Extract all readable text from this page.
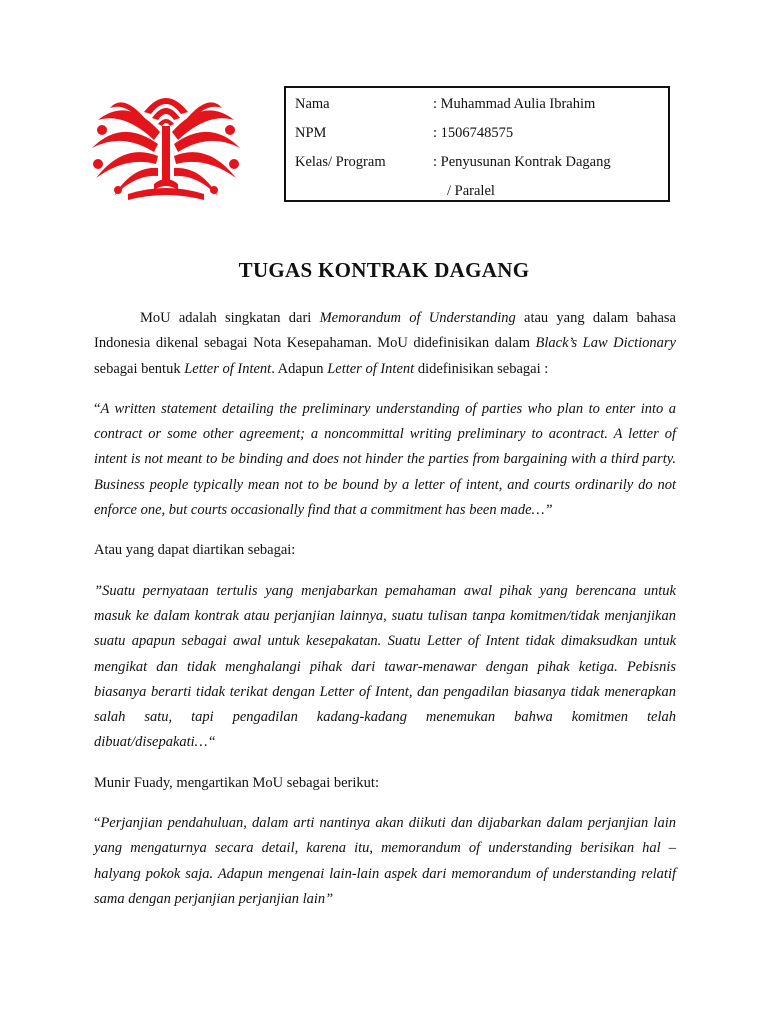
Nama	: Muhammad Aulia Ibrahim
NPM	: 1506748575
Kelas/ Program	: Penyusunan Kontrak Dagang
/ Paralel
TUGAS KONTRAK DAGANG

MoU adalah singkatan dari Memorandum of Understanding atau yang dalam bahasa Indonesia dikenal sebagai Nota Kesepahaman. MoU didefinisikan dalam Black’s Law Dictionary sebagai bentuk Letter of Intent. Adapun Letter of Intent didefinisikan sebagai :

“A written statement detailing the preliminary understanding of parties who plan to enter into a contract or some other agreement; a noncommittal writing preliminary to acontract. A letter of intent is not meant to be binding and does not hinder the parties from bargaining with a third party. Business people typically mean not to be bound by a letter of intent, and courts ordinarily do not enforce one, but courts occasionally find that a commitment has been made…”

Atau yang dapat diartikan sebagai:

”Suatu pernyataan tertulis yang menjabarkan pemahaman awal pihak yang berencana untuk masuk ke dalam kontrak atau perjanjian lainnya, suatu tulisan tanpa komitmen/tidak menjanjikan suatu apapun sebagai awal untuk kesepakatan. Suatu Letter of Intent tidak dimaksudkan untuk mengikat dan tidak menghalangi pihak dari tawar-menawar dengan pihak ketiga. Pebisnis biasanya berarti tidak terikat dengan Letter of Intent, dan pengadilan biasanya tidak menerapkan salah satu, tapi pengadilan kadang-kadang menemukan bahwa komitmen telah dibuat/disepakati…“

Munir Fuady, mengartikan MoU sebagai berikut:

“Perjanjian pendahuluan, dalam arti nantinya akan diikuti dan dijabarkan dalam perjanjian lain yang mengaturnya secara detail, karena itu, memorandum of understanding berisikan hal – halyang pokok saja. Adapun mengenai lain-lain aspek dari memorandum of understanding relatif sama dengan perjanjian perjanjian lain”
